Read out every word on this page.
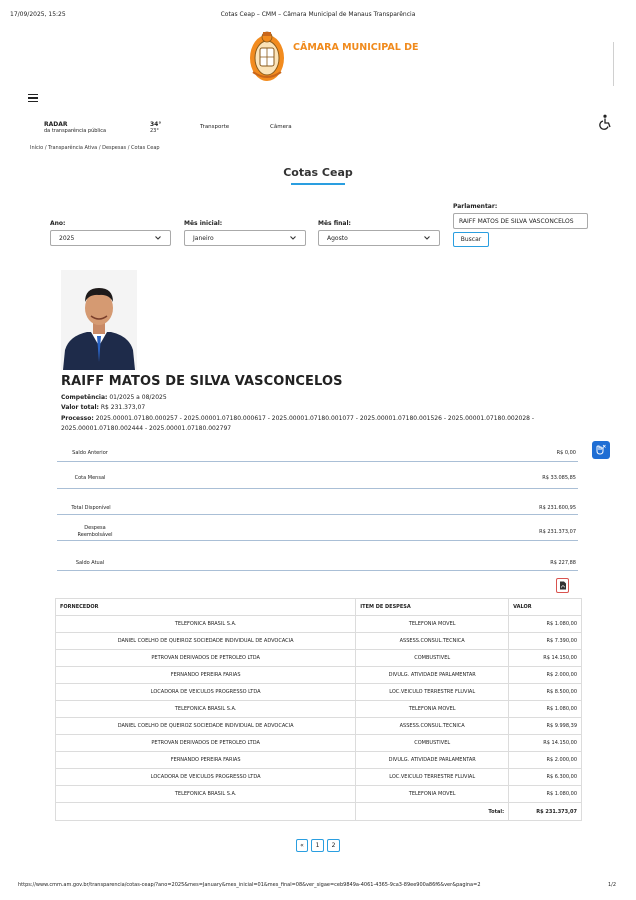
17/09/2025, 15:25	Cotas Ceap – CMM – Câmara Municipal de Manaus Transparência
CÂMARA MUNICIPAL DE
RADAR
da transparência pública
34°
23°
Transporte	Câmera
Início / Transparência Ativa / Despesas / Cotas Ceap
Cotas Ceap
Ano:
2025
Mês inicial:
Janeiro
Mês final:
Agosto
Parlamentar:
RAIFF MATOS DE SILVA VASCONCELOS
Buscar
RAIFF MATOS DE SILVA VASCONCELOS
Competência: 01/2025 a 08/2025
Valor total: R$ 231.373,07
Processo: 2025.00001.07180.000257 - 2025.00001.07180.000617 - 2025.00001.07180.001077 - 2025.00001.07180.001526 - 2025.00001.07180.002028 - 2025.00001.07180.002444 - 2025.00001.07180.002797
Saldo Anterior	R$ 0,00
Cota Mensal	R$ 33.085,85
Total Disponível	R$ 231.600,95
Despesa Reembolsável	R$ 231.373,07
Saldo Atual	R$ 227,88
FORNECEDOR	ITEM DE DESPESA	VALOR
TELEFONICA BRASIL S.A.	TELEFONIA MOVEL	R$ 1.080,00
DANIEL COELHO DE QUEIROZ SOCIEDADE INDIVIDUAL DE ADVOCACIA	ASSESS.CONSUL.TECNICA	R$ 7.390,00
PETROVAN DERIVADOS DE PETROLEO LTDA	COMBUSTIVEL	R$ 14.150,00
FERNANDO PEREIRA FARIAS	DIVULG. ATIVIDADE PARLAMENTAR	R$ 2.000,00
LOCADORA DE VEICULOS PROGRESSO LTDA	LOC.VEICULO TERRESTRE FLUVIAL	R$ 8.500,00
TELEFONICA BRASIL S.A.	TELEFONIA MOVEL	R$ 1.080,00
DANIEL COELHO DE QUEIROZ SOCIEDADE INDIVIDUAL DE ADVOCACIA	ASSESS.CONSUL.TECNICA	R$ 9.998,39
PETROVAN DERIVADOS DE PETROLEO LTDA	COMBUSTIVEL	R$ 14.150,00
FERNANDO PEREIRA FARIAS	DIVULG. ATIVIDADE PARLAMENTAR	R$ 2.000,00
LOCADORA DE VEICULOS PROGRESSO LTDA	LOC.VEICULO TERRESTRE FLUVIAL	R$ 6.300,00
TELEFONICA BRASIL S.A.	TELEFONIA MOVEL	R$ 1.080,00
	Total:	R$ 231.373,07
«	1	2
https://www.cmm.am.gov.br/transparencia/cotas-ceap/?ano=2025&mes=January&mes_inicial=01&mes_final=08&ver_sigae=ceb9849a-4061-4365-9ca3-89ee900a86f6&ver&pagina=2	1/2
